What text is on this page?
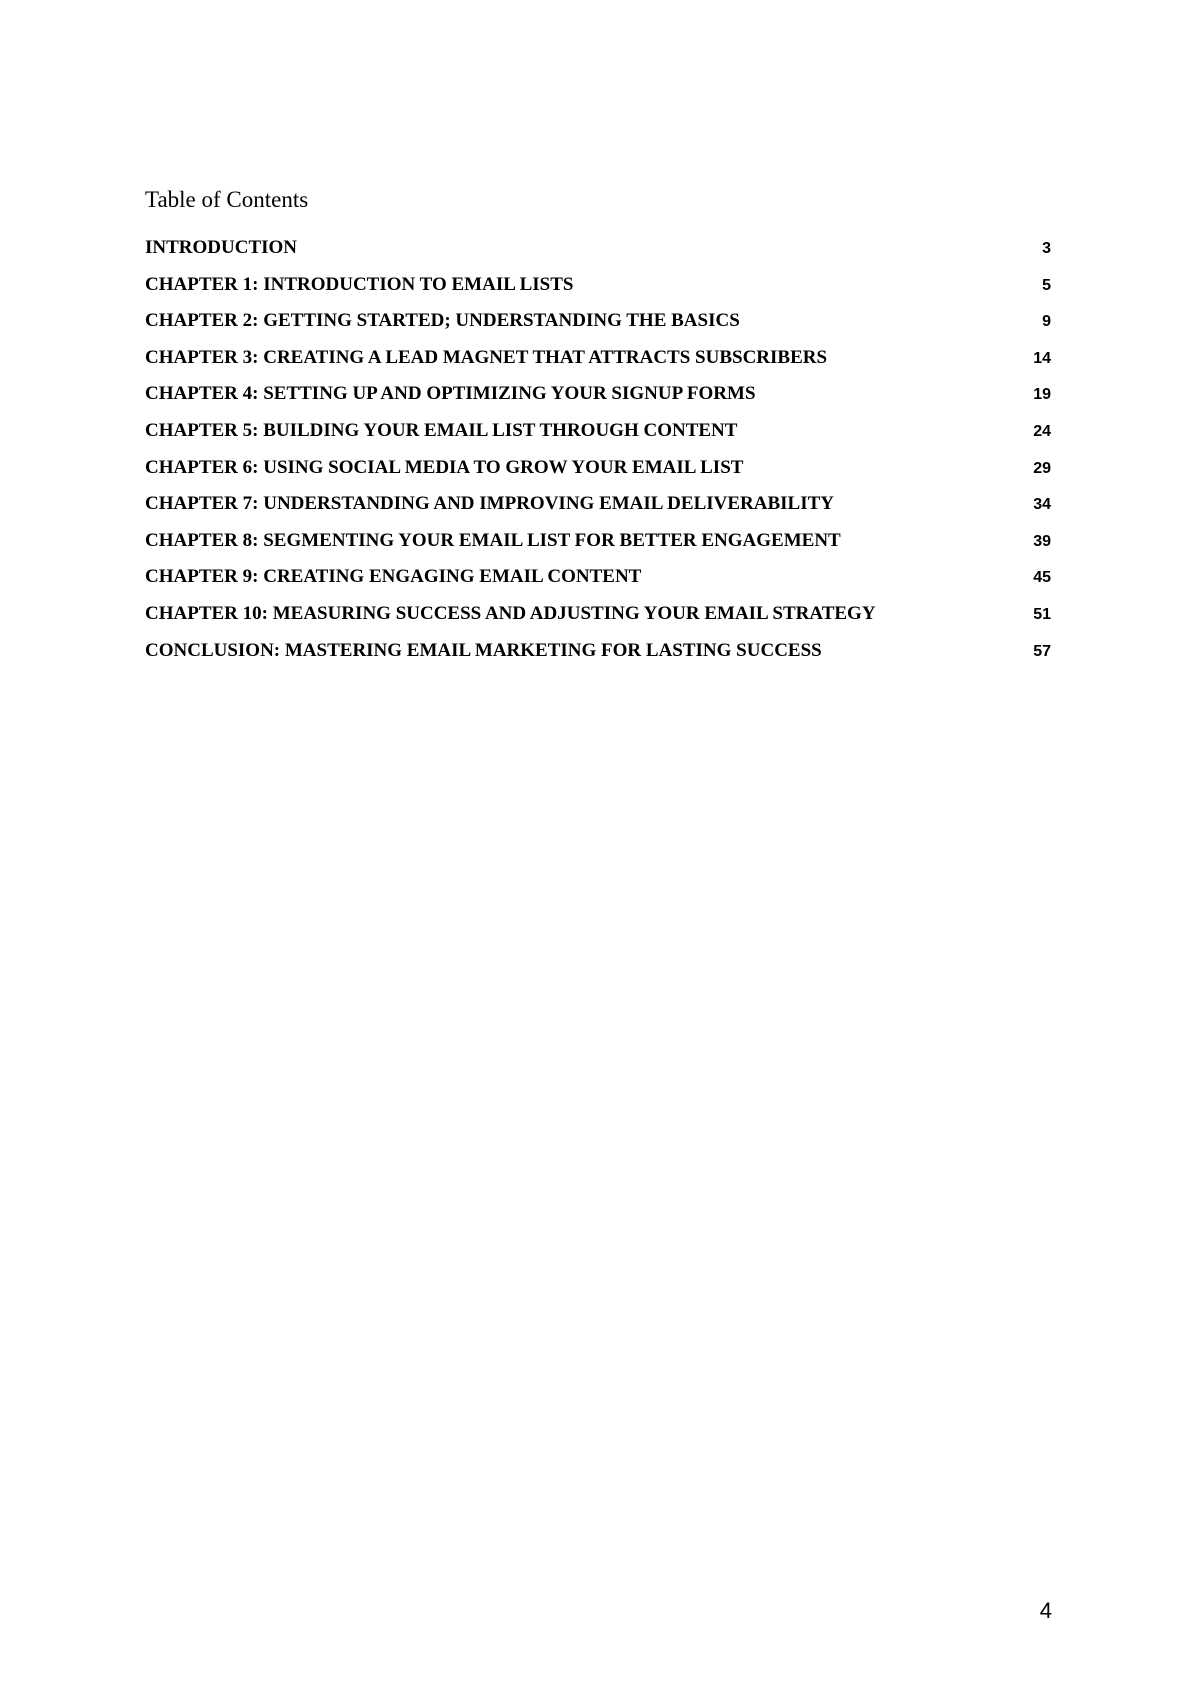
Table of Contents
INTRODUCTION	3
CHAPTER 1: INTRODUCTION TO EMAIL LISTS	5
CHAPTER 2: GETTING STARTED; UNDERSTANDING THE BASICS	9
CHAPTER 3: CREATING A LEAD MAGNET THAT ATTRACTS SUBSCRIBERS	14
CHAPTER 4: SETTING UP AND OPTIMIZING YOUR SIGNUP FORMS	19
CHAPTER 5: BUILDING YOUR EMAIL LIST THROUGH CONTENT	24
CHAPTER 6: USING SOCIAL MEDIA TO GROW YOUR EMAIL LIST	29
CHAPTER 7: UNDERSTANDING AND IMPROVING EMAIL DELIVERABILITY	34
CHAPTER 8: SEGMENTING YOUR EMAIL LIST FOR BETTER ENGAGEMENT	39
CHAPTER 9: CREATING ENGAGING EMAIL CONTENT	45
CHAPTER 10: MEASURING SUCCESS AND ADJUSTING YOUR EMAIL STRATEGY	51
CONCLUSION: MASTERING EMAIL MARKETING FOR LASTING SUCCESS	57
4
